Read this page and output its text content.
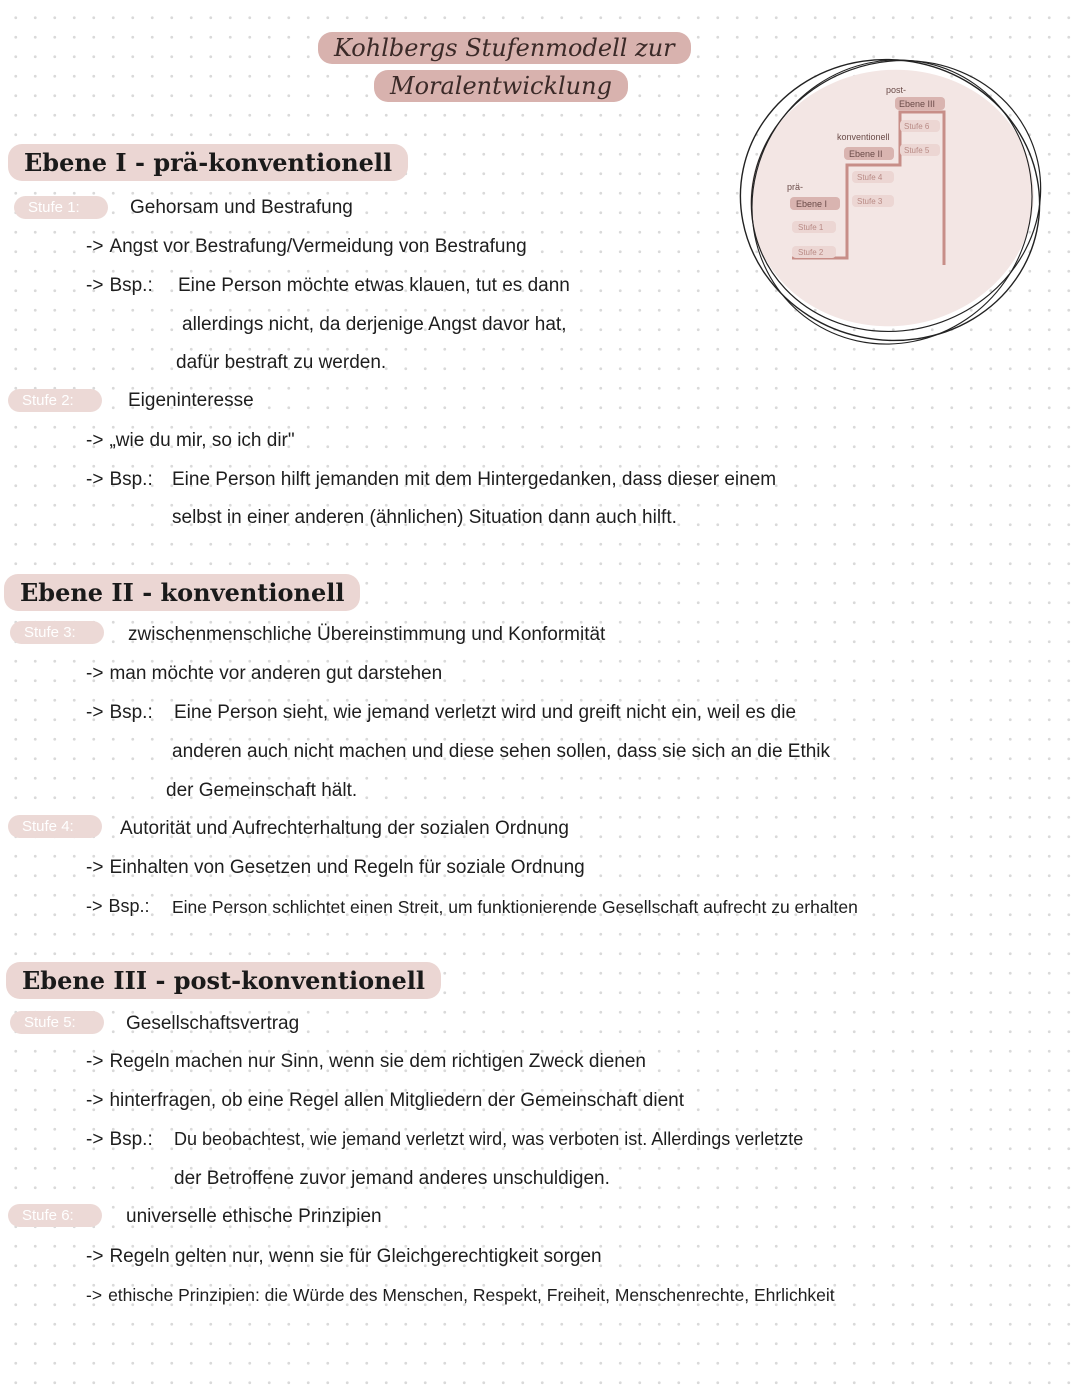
Kohlbergs Stufenmodell zur
Moralentwicklung
prä-
Ebene I
Stufe 1
Stufe 2
konventionell
Ebene II
Stufe 3
Stufe 4
post-
Ebene III
Stufe 5
Stufe 6
Ebene I - prä-konventionell
Stufe 1:	Gehorsam und Bestrafung
-> Angst vor Bestrafung/Vermeidung von Bestrafung
-> Bsp.: Eine Person möchte etwas klauen, tut es dann
allerdings nicht, da derjenige Angst davor hat,
dafür bestraft zu werden.
Stufe 2:	Eigeninteresse
-> „wie du mir, so ich dir"
-> Bsp.: Eine Person hilft jemanden mit dem Hintergedanken, dass dieser einem
selbst in einer anderen (ähnlichen) Situation dann auch hilft.
Ebene II - konventionell
Stufe 3:	zwischenmenschliche Übereinstimmung und Konformität
-> man möchte vor anderen gut darstehen
-> Bsp.: Eine Person sieht, wie jemand verletzt wird und greift nicht ein, weil es die
anderen auch nicht machen und diese sehen sollen, dass sie sich an die Ethik
der Gemeinschaft hält.
Stufe 4:	Autorität und Aufrechterhaltung der sozialen Ordnung
-> Einhalten von Gesetzen und Regeln für soziale Ordnung
-> Bsp.: Eine Person schlichtet einen Streit, um funktionierende Gesellschaft aufrecht zu erhalten
Ebene III - post-konventionell
Stufe 5:	Gesellschaftsvertrag
-> Regeln machen nur Sinn, wenn sie dem richtigen Zweck dienen
-> hinterfragen, ob eine Regel allen Mitgliedern der Gemeinschaft dient
-> Bsp.: Du beobachtest, wie jemand verletzt wird, was verboten ist. Allerdings verletzte
der Betroffene zuvor jemand anderes unschuldigen.
Stufe 6:	universelle ethische Prinzipien
-> Regeln gelten nur, wenn sie für Gleichgerechtigkeit sorgen
-> ethische Prinzipien: die Würde des Menschen, Respekt, Freiheit, Menschenrechte, Ehrlichkeit
